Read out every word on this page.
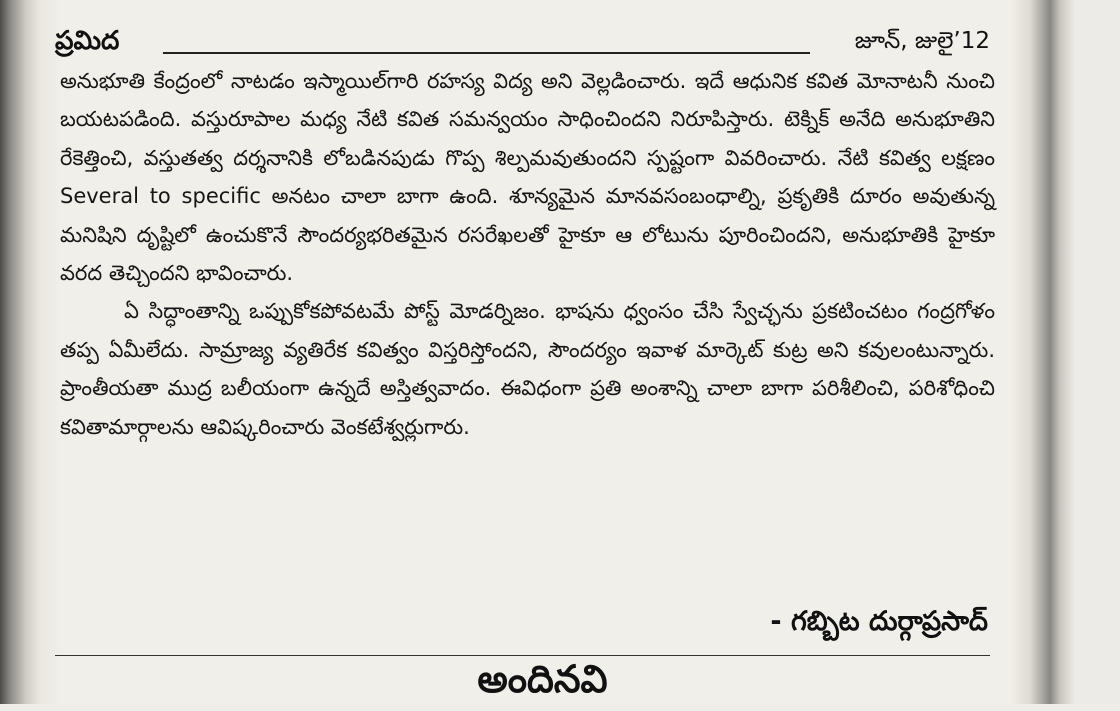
ప్రమిద	జూన్, జులై’12

అనుభూతి కేంద్రంలో నాటడం ఇస్మాయిల్‌గారి రహస్య విద్య అని వెల్లడించారు. ఇదే ఆధునిక కవిత మోనాటనీ నుంచి బయటపడింది. వస్తురూపాల మధ్య నేటి కవిత సమన్వయం సాధించిందని నిరూపిస్తారు. టెక్నిక్ అనేది అనుభూతిని రేకెత్తించి, వస్తుతత్వ దర్శనానికి లోబడినపుడు గొప్ప శిల్పమవుతుందని స్పష్టంగా వివరించారు. నేటి కవిత్వ లక్షణం Several to specific అనటం చాలా బాగా ఉంది. శూన్యమైన మానవసంబంధాల్ని, ప్రకృతికి దూరం అవుతున్న మనిషిని దృష్టిలో ఉంచుకొనే సౌందర్యభరితమైన రసరేఖలతో హైకూ ఆ లోటును పూరించిందని, అనుభూతికి హైకూ వరద తెచ్చిందని భావించారు.

ఏ సిద్ధాంతాన్ని ఒప్పుకోకపోవటమే పోస్ట్ మోడర్నిజం. భాషను ధ్వంసం చేసి స్వేచ్ఛను ప్రకటించటం గంద్రగోళం తప్ప ఏమీలేదు. సామ్రాజ్య వ్యతిరేక కవిత్వం విస్తరిస్తోందని, సౌందర్యం ఇవాళ మార్కెట్ కుట్ర అని కవులంటున్నారు. ప్రాంతీయతా ముద్ర బలీయంగా ఉన్నదే అస్తిత్వవాదం. ఈవిధంగా ప్రతి అంశాన్ని చాలా బాగా పరిశీలించి, పరిశోధించి కవితామార్గాలను ఆవిష్కరించారు వెంకటేశ్వర్లుగారు.

- గబ్బిట దుర్గాప్రసాద్
అందినవి
